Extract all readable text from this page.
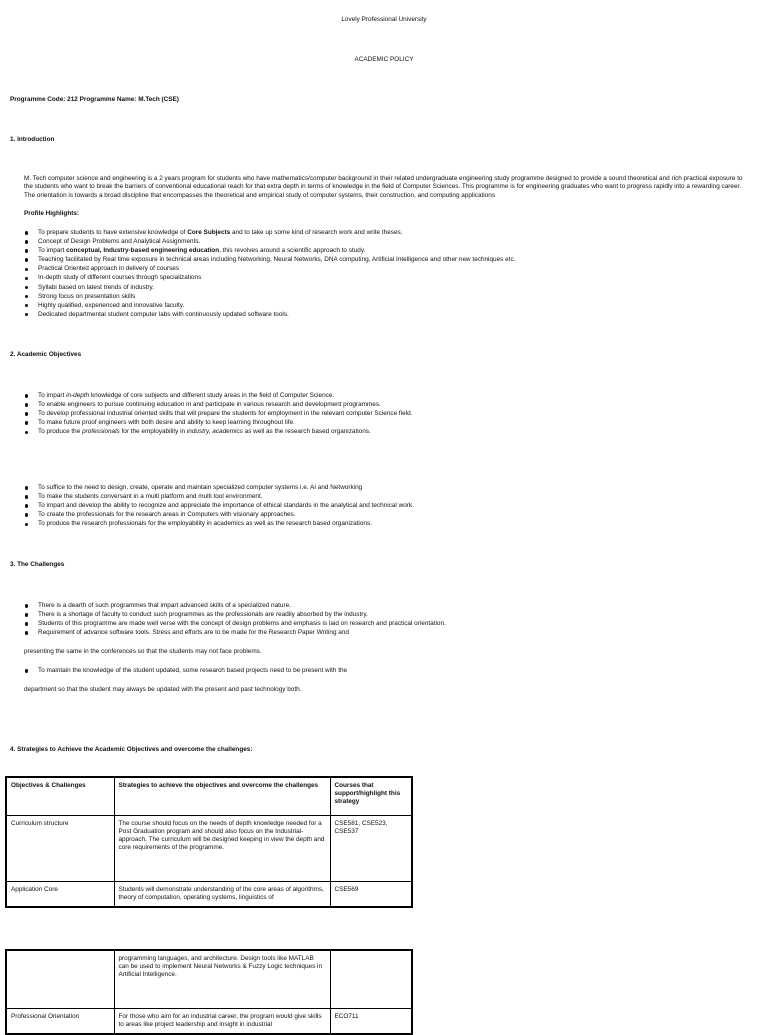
Lovely Professional University
ACADEMIC POLICY
Programme Code: 212 Programme Name: M.Tech (CSE)
1. Introduction
M. Tech computer science and engineering is a 2 years program for students who have mathematics/computer background in their related undergraduate engineering study programme designed to provide a sound theoretical and rich practical exposure to the students who want to break the barriers of conventional educational reach for that extra depth in terms of knowledge in the field of Computer Sciences. This programme is for engineering graduates who want to progress rapidly into a rewarding career. The orientation is towards a broad discipline that encompasses the theoretical and empirical study of computer systems, their construction, and computing applications
Profile Highlights:
To prepare students to have extensive knowledge of Core Subjects and to take up some kind of research work and write theses.
Concept of Design Problems and Analytical Assignments.
To impart conceptual, Industry-based engineering education, this revolves around a scientific approach to study.
Teaching facilitated by Real time exposure in technical areas including Networking, Neural Networks, DNA computing, Artificial Intelligence and other new techniques etc.
Practical Oriented approach in delivery of courses
In-depth study of different courses through specializations
Syllabi based on latest trends of industry.
Strong focus on presentation skills
Highly qualified, experienced and innovative faculty.
Dedicated departmental student computer labs with continuously updated software tools.
2. Academic Objectives
To impart in-depth knowledge of core subjects and different study areas in the field of Computer Science.
To enable engineers to pursue continuing education in and participate in various research and development programmes.
To develop professional industrial oriented skills that will prepare the students for employment in the relevant computer Science field.
To make future proof engineers with both desire and ability to keep learning throughout life.
To produce the professionals for the employability in industry, academics as well as the research based organizations.
To suffice to the need to design, create, operate and maintain specialized computer systems i.e. AI and Networking
To make the students conversant in a multi platform and multi tool environment.
To impart and develop the ability to recognize and appreciate the importance of ethical standards in the analytical and technical work.
To create the professionals for the research areas in Computers with visionary approaches.
To produce the research professionals for the employability in academics as well as the research based organizations.
3. The Challenges
There is a dearth of such programmes that impart advanced skills of a specialized nature.
There is a shortage of faculty to conduct such programmes as the professionals are readily absorbed by the industry.
Students of this programme are made well verse with the concept of design problems and emphasis is laid on research and practical orientation.
Requirement of advance software tools. Stress and efforts are to be made for the Research Paper Writing and
presenting the same in the conferences so that the students may not face problems.
To maintain the knowledge of the student updated, some research based projects need to be present with the
department so that the student may always be updated with the present and past technology both.
4. Strategies to Achieve the Academic Objectives and overcome the challenges:
Objectives & Challenges	Strategies to achieve the objectives and overcome the challenges	Courses that support/highlight this strategy
Curriculum structure	The course should focus on the needs of depth knowledge needed for a Post Graduation program and should also focus on the Industrial-approach. The curriculum will be designed keeping in view the depth and core requirements of the programme.	CSE581, CSE523, CSE537
Application Core	Students will demonstrate understanding of the core areas of algorithms, theory of computation, operating systems, linguistics of	CSE569
	programming languages, and architecture. Design tools like MATLAB can be used to implement Neural Networks & Fuzzy Logic techniques in Artificial Intelligence.	
Professional Orientation	For those who aim for an industrial career, the program would give skills to areas like project leadership and insight in industrial	ECO711
